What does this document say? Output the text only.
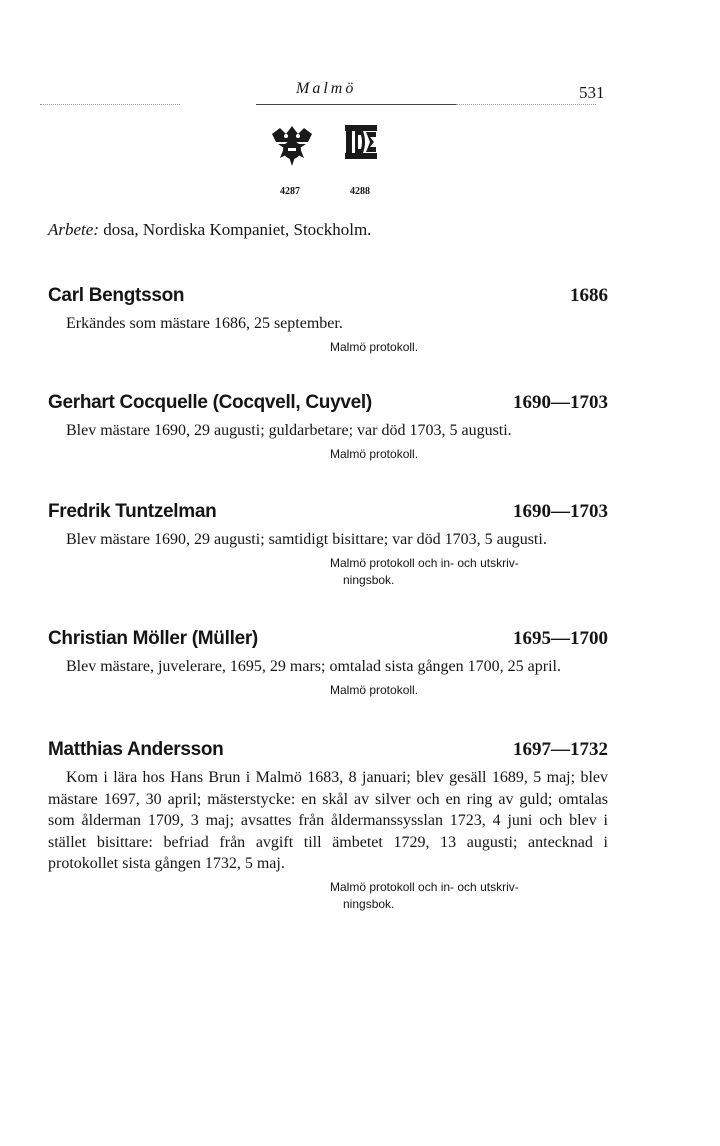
Malmö	531
4287	4288
Arbete: dosa, Nordiska Kompaniet, Stockholm.
Carl Bengtsson	1686
Erkändes som mästare 1686, 25 september.
Malmö protokoll.
Gerhart Cocquelle (Cocqvell, Cuyvel)	1690—1703
Blev mästare 1690, 29 augusti; guldarbetare; var död 1703, 5 augusti.
Malmö protokoll.
Fredrik Tuntzelman	1690—1703
Blev mästare 1690, 29 augusti; samtidigt bisittare; var död 1703, 5 augusti.
Malmö protokoll och in- och utskriv-
ningsbok.
Christian Möller (Müller)	1695—1700
Blev mästare, juvelerare, 1695, 29 mars; omtalad sista gången 1700, 25 april.
Malmö protokoll.
Matthias Andersson	1697—1732
Kom i lära hos Hans Brun i Malmö 1683, 8 januari; blev gesäll 1689, 5 maj; blev mästare 1697, 30 april; mästerstycke: en skål av silver och en ring av guld; omtalas som ålderman 1709, 3 maj; avsattes från åldermanssysslan 1723, 4 juni och blev i stället bisittare: befriad från avgift till ämbetet 1729, 13 augusti; antecknad i protokollet sista gången 1732, 5 maj.
Malmö protokoll och in- och utskriv-
ningsbok.
